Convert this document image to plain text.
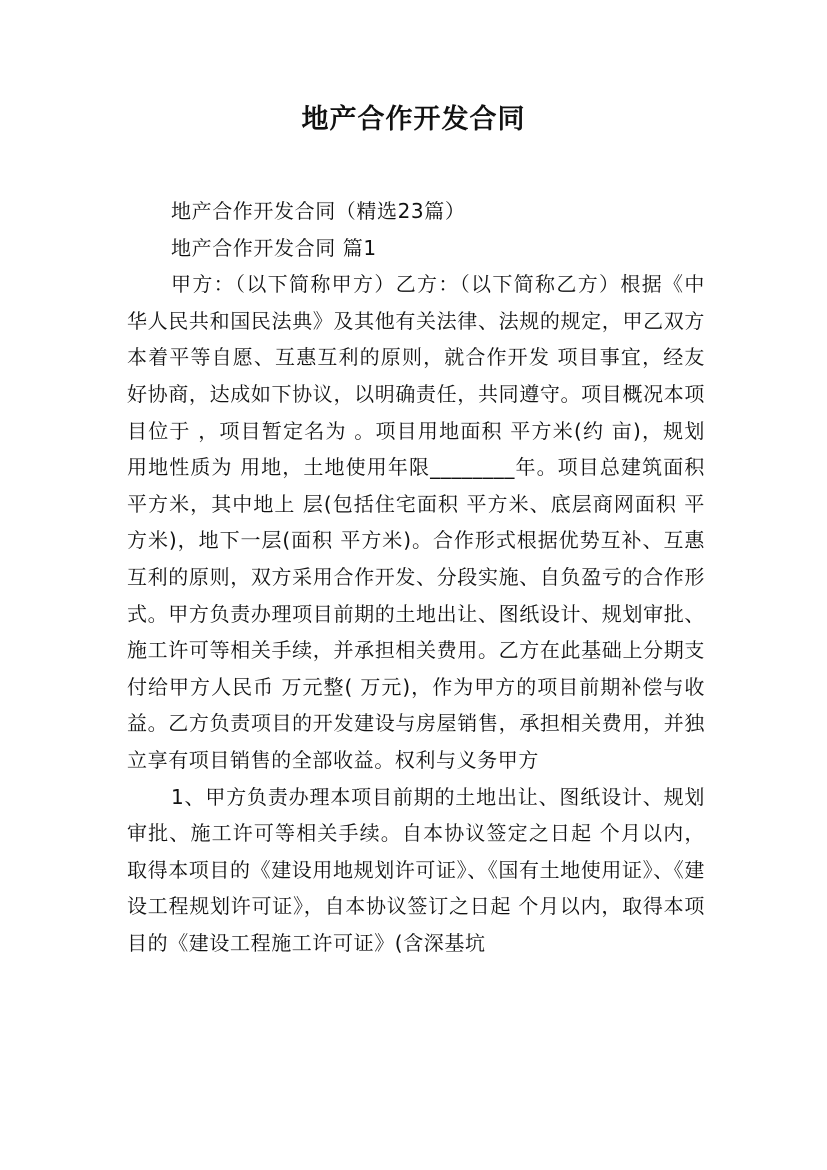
地产合作开发合同

地产合作开发合同（精选23篇）

地产合作开发合同 篇1

甲方：（以下简称甲方）乙方：（以下简称乙方）根据《中华人民共和国民法典》及其他有关法律、法规的规定，甲乙双方本着平等自愿、互惠互利的原则，就合作开发 项目事宜，经友好协商，达成如下协议，以明确责任，共同遵守。项目概况本项目位于 ，项目暂定名为 。项目用地面积 平方米(约 亩)，规划用地性质为 用地，土地使用年限________年。项目总建筑面积 平方米，其中地上 层(包括住宅面积 平方米、底层商网面积 平方米)，地下一层(面积 平方米)。合作形式根据优势互补、互惠互利的原则，双方采用合作开发、分段实施、自负盈亏的合作形式。甲方负责办理项目前期的土地出让、图纸设计、规划审批、施工许可等相关手续，并承担相关费用。乙方在此基础上分期支付给甲方人民币 万元整( 万元)，作为甲方的项目前期补偿与收益。乙方负责项目的开发建设与房屋销售，承担相关费用，并独立享有项目销售的全部收益。权利与义务甲方

1、甲方负责办理本项目前期的土地出让、图纸设计、规划审批、施工许可等相关手续。自本协议签定之日起 个月以内，取得本项目的《建设用地规划许可证》、《国有土地使用证》、《建设工程规划许可证》，自本协议签订之日起 个月以内，取得本项目的《建设工程施工许可证》(含深基坑
